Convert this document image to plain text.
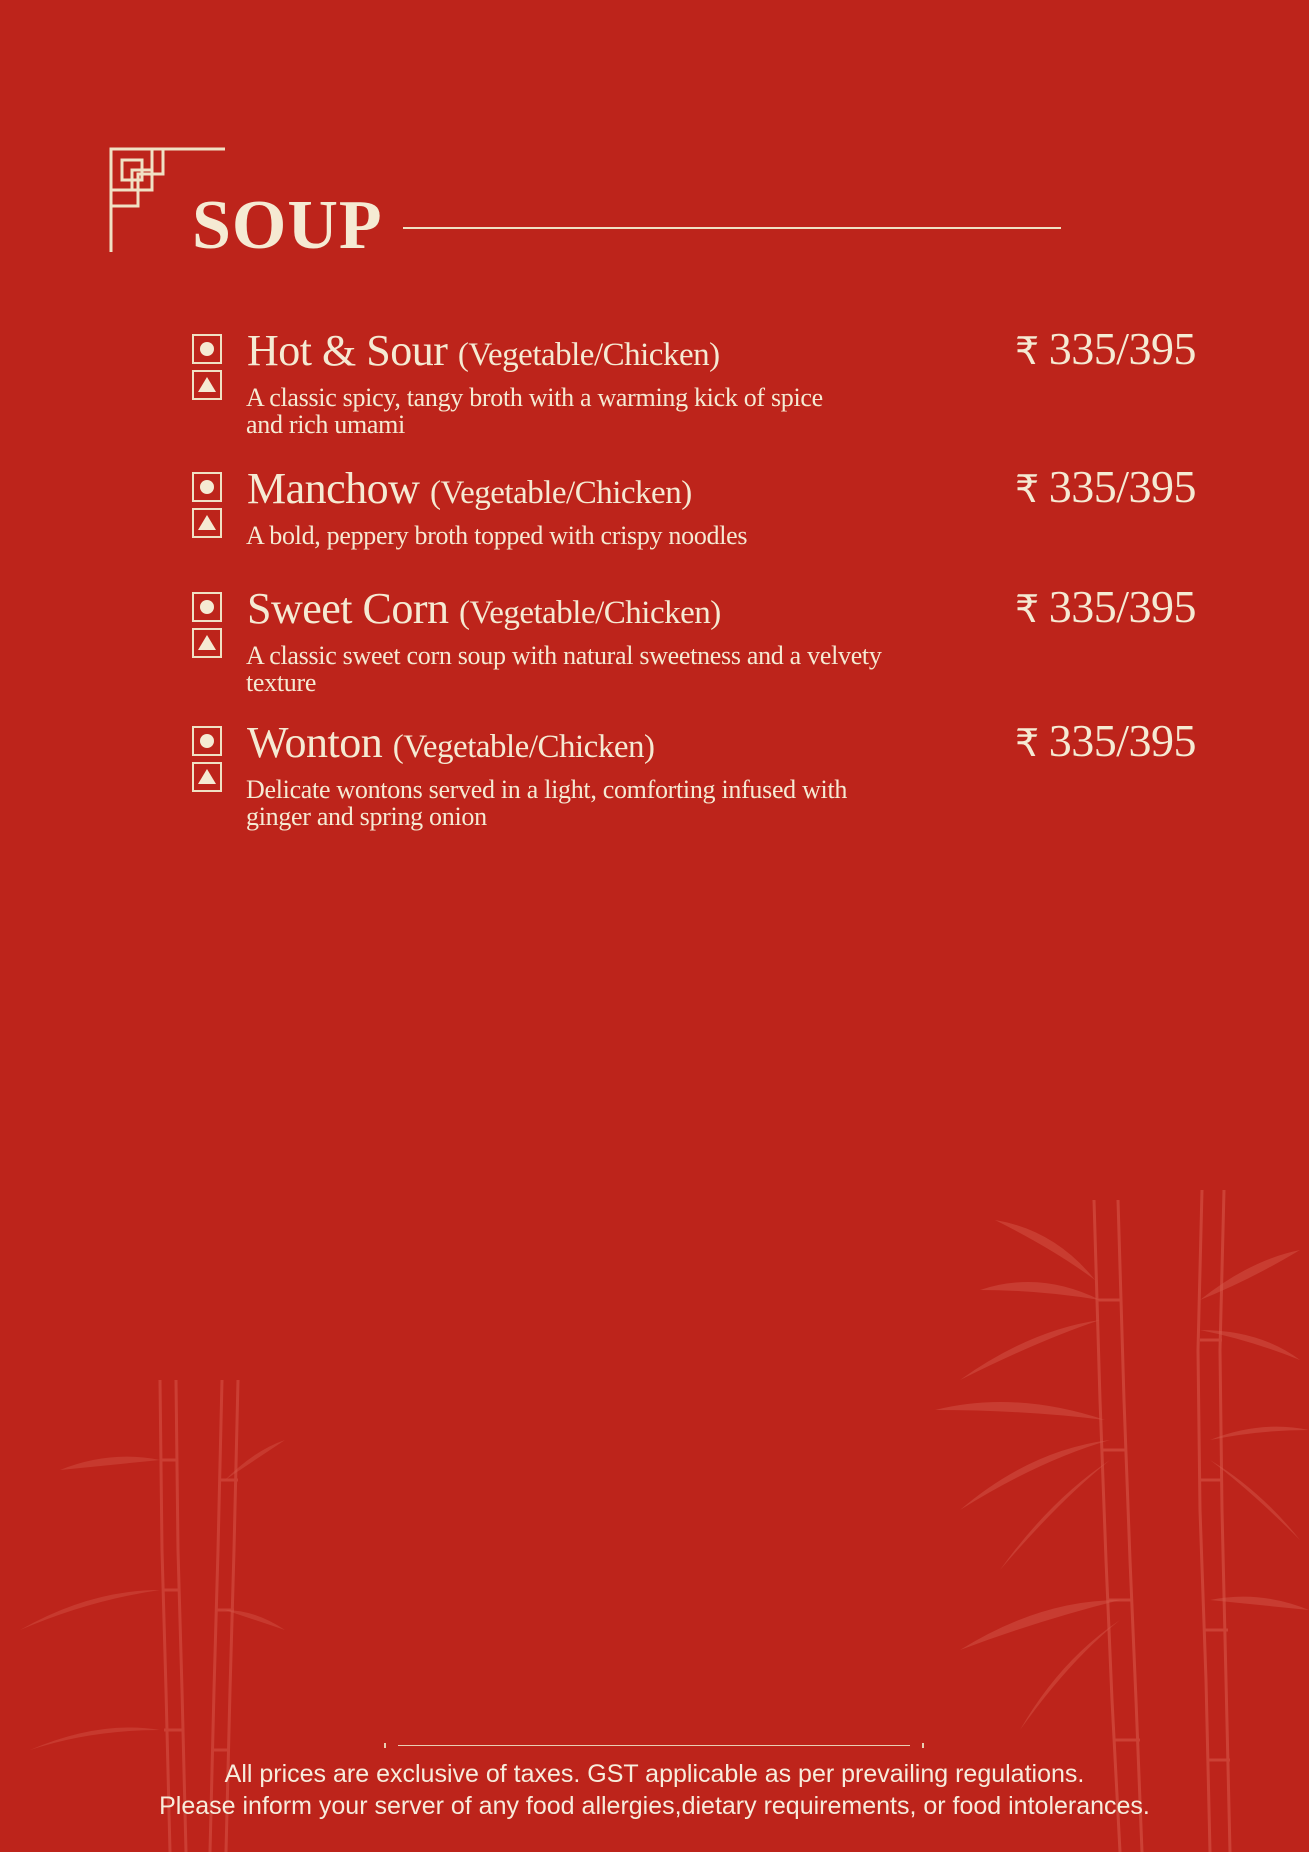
SOUP
Hot & Sour (Vegetable/Chicken)	₹ 335/395
A classic spicy, tangy broth with a warming kick of spice
and rich umami
Manchow (Vegetable/Chicken)	₹ 335/395
A bold, peppery broth topped with crispy noodles
Sweet Corn (Vegetable/Chicken)	₹ 335/395
A classic sweet corn soup with natural sweetness and a velvety
texture
Wonton (Vegetable/Chicken)	₹ 335/395
Delicate wontons served in a light, comforting infused with
ginger and spring onion
All prices are exclusive of taxes. GST applicable as per prevailing regulations.
Please inform your server of any food allergies,dietary requirements, or food intolerances.
